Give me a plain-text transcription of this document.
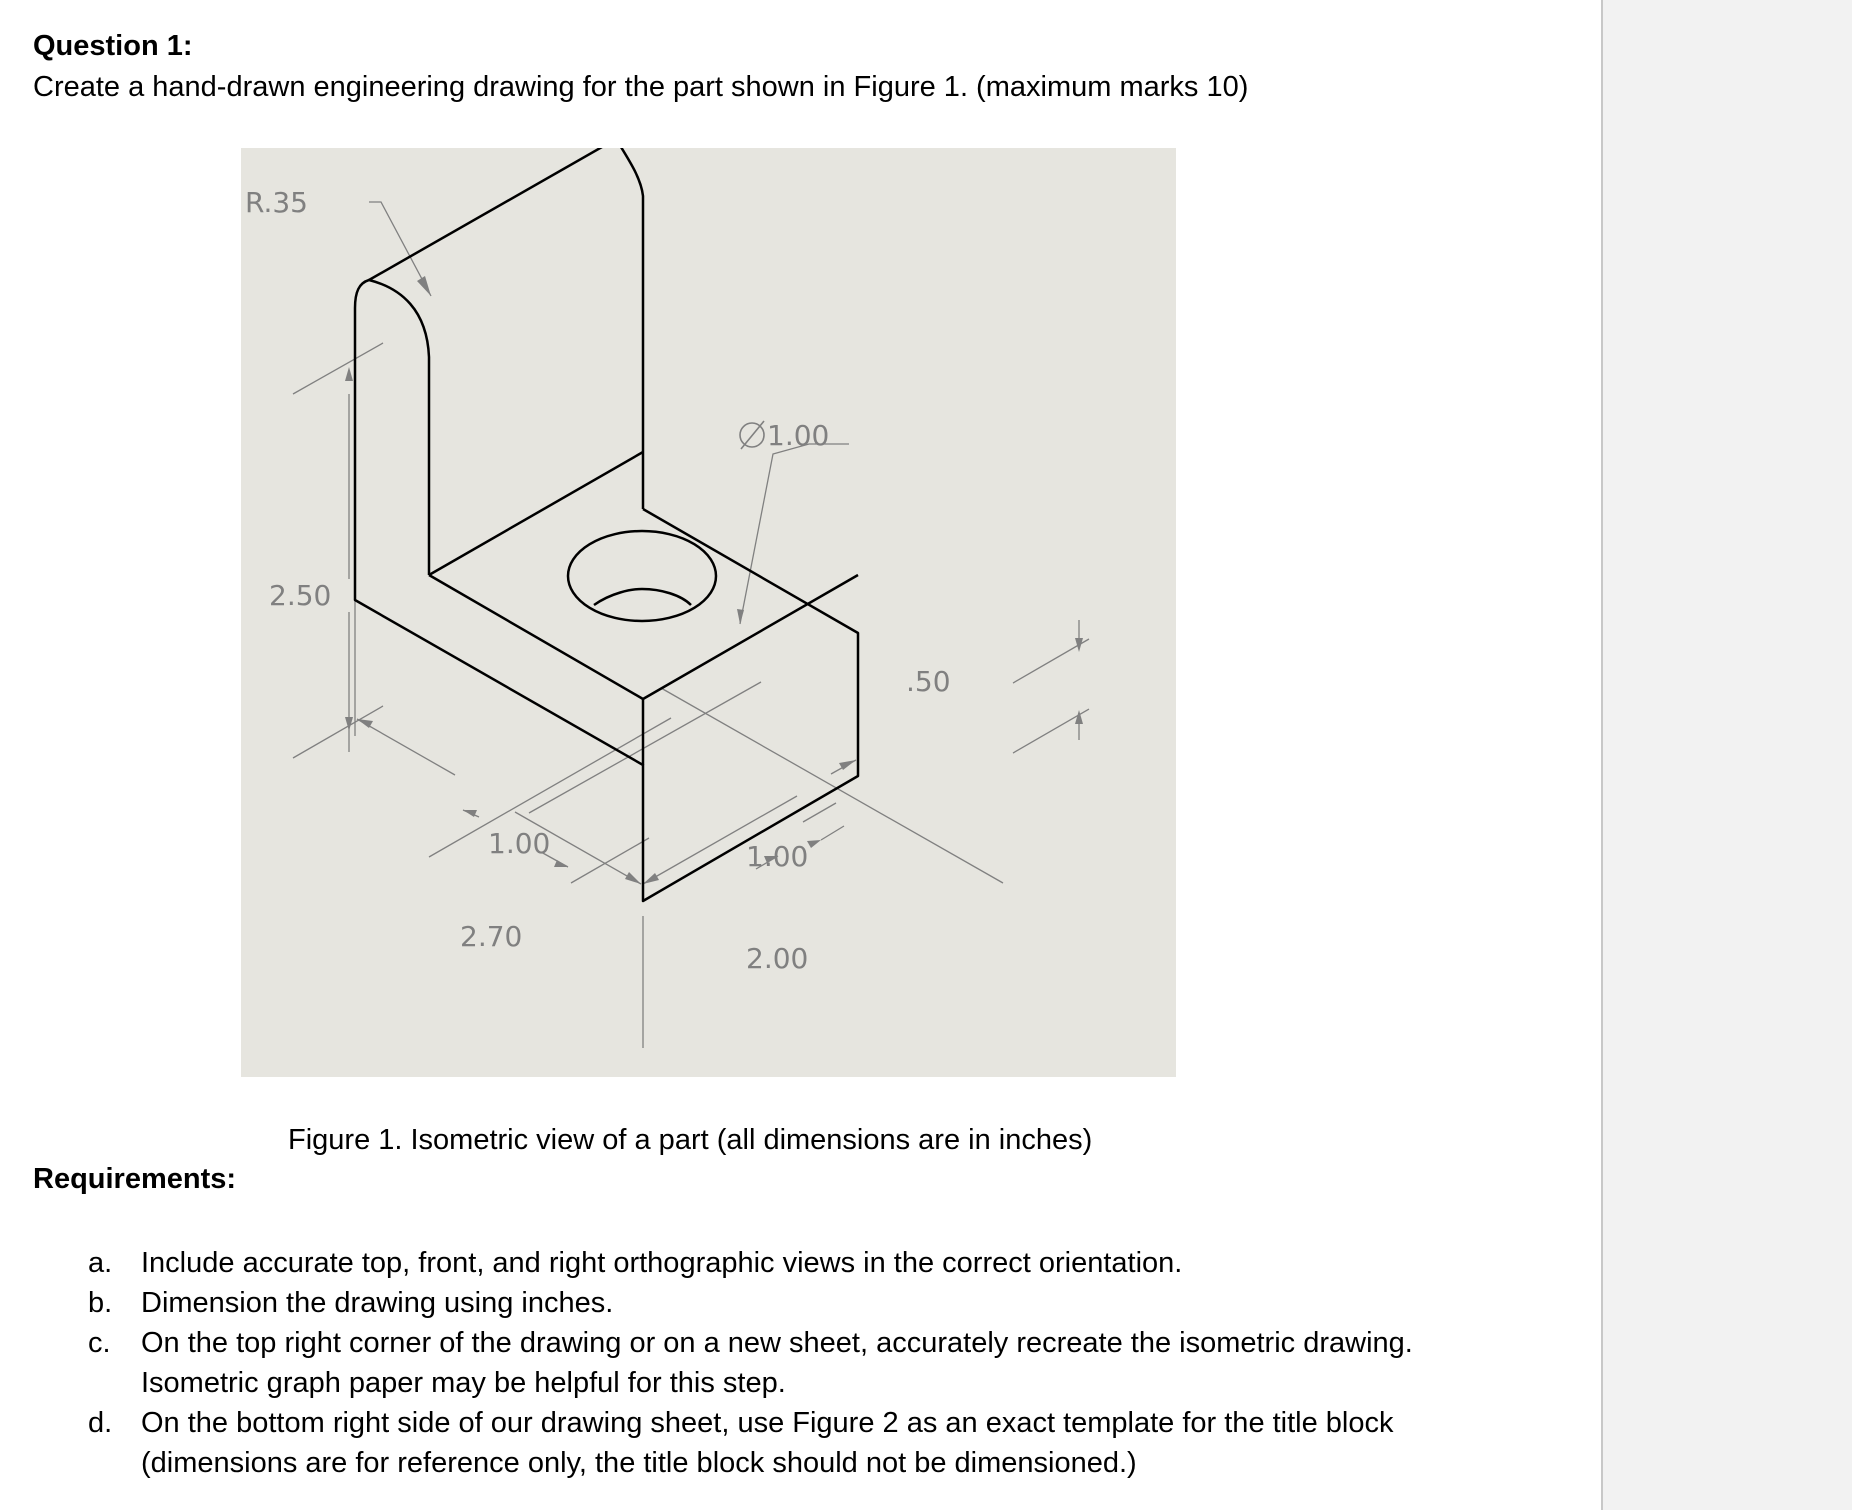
Question 1:
Create a hand-drawn engineering drawing for the part shown in Figure 1. (maximum marks 10)
R.35
1.00
2.50
.50
1.00	1.00
2.70
2.00
Figure 1. Isometric view of a part (all dimensions are in inches)
Requirements:
a. Include accurate top, front, and right orthographic views in the correct orientation.
b. Dimension the drawing using inches.
c. On the top right corner of the drawing or on a new sheet, accurately recreate the isometric drawing. Isometric graph paper may be helpful for this step.
d. On the bottom right side of our drawing sheet, use Figure 2 as an exact template for the title block (dimensions are for reference only, the title block should not be dimensioned.)
